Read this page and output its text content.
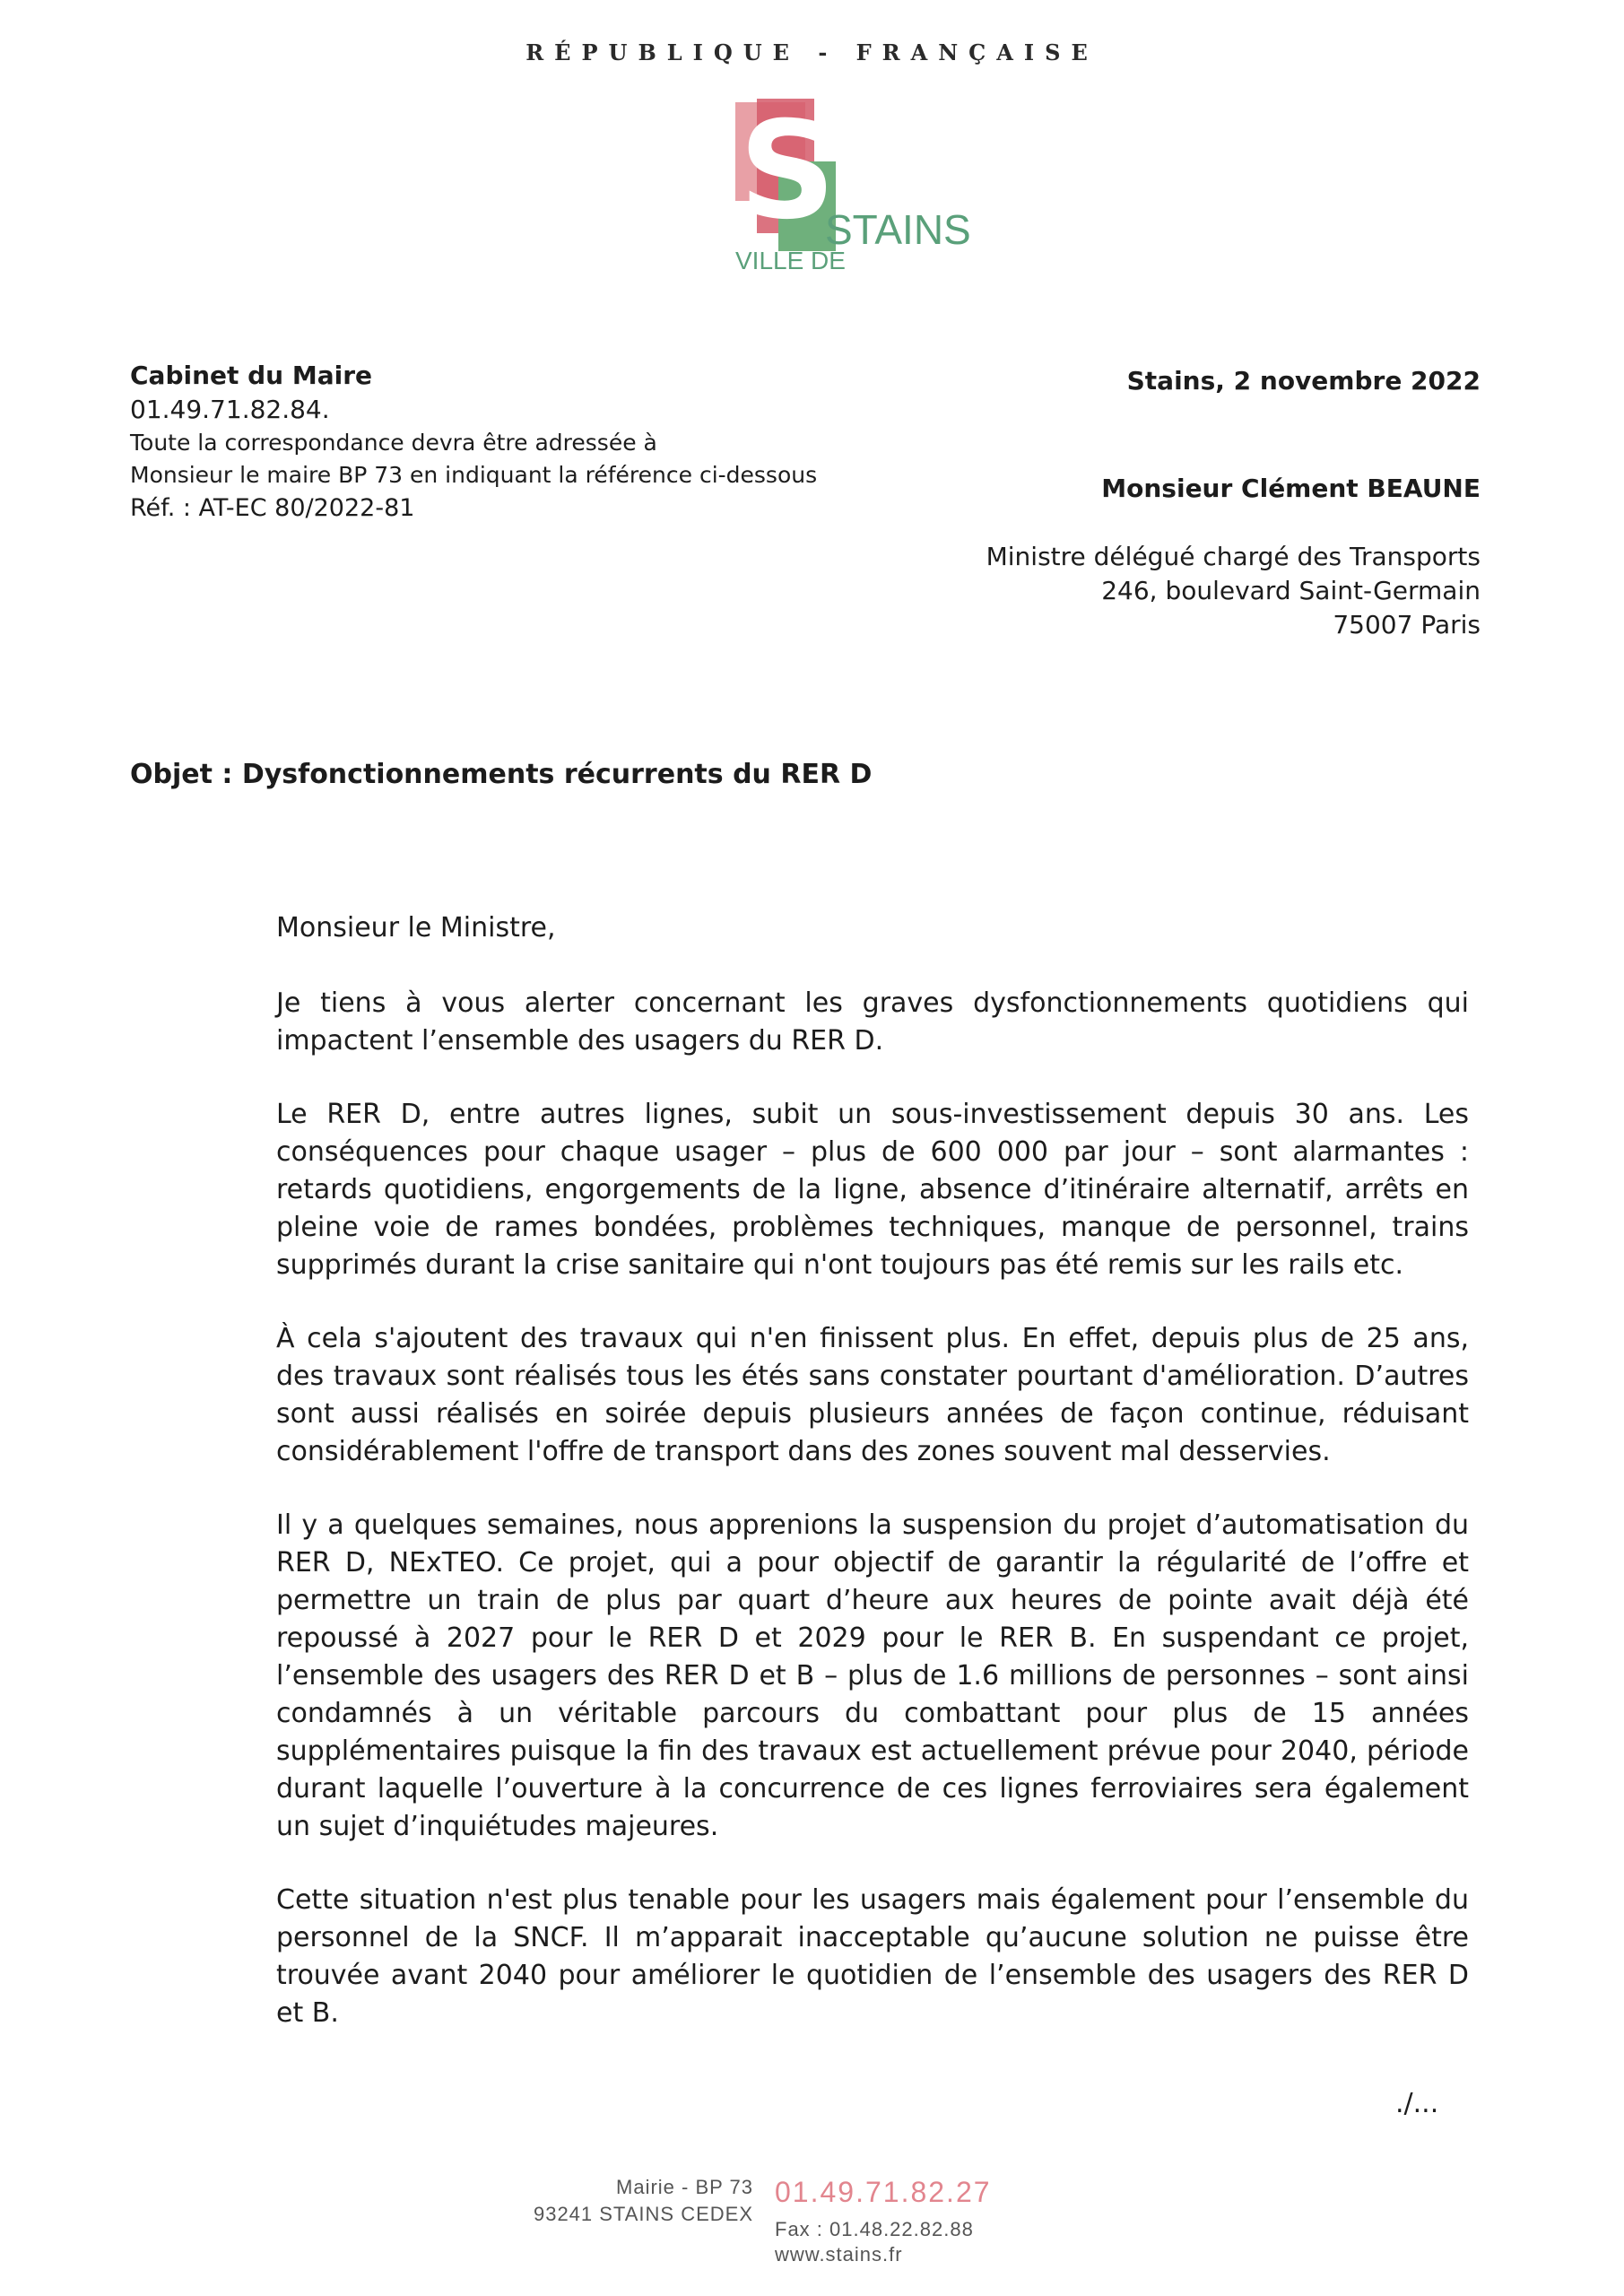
RÉPUBLIQUE - FRANÇAISE
S
STAINS
VILLE DE
Cabinet du Maire
01.49.71.82.84.
Toute la correspondance devra être adressée à
Monsieur le maire BP 73 en indiquant la référence ci-dessous
Réf. : AT-EC 80/2022-81
Stains, 2 novembre 2022
Monsieur Clément BEAUNE
Ministre délégué chargé des Transports
246, boulevard Saint-Germain
75007 Paris
Objet : Dysfonctionnements récurrents du RER D

Monsieur le Ministre,

Je tiens à vous alerter concernant les graves dysfonctionnements quotidiens qui impactent l’ensemble des usagers du RER D.

Le RER D, entre autres lignes, subit un sous-investissement depuis 30 ans. Les conséquences pour chaque usager – plus de 600 000 par jour – sont alarmantes : retards quotidiens, engorgements de la ligne, absence d’itinéraire alternatif, arrêts en pleine voie de rames bondées, problèmes techniques, manque de personnel, trains supprimés durant la crise sanitaire qui n'ont toujours pas été remis sur les rails etc.

À cela s'ajoutent des travaux qui n'en finissent plus. En effet, depuis plus de 25 ans, des travaux sont réalisés tous les étés sans constater pourtant d'amélioration. D’autres sont aussi réalisés en soirée depuis plusieurs années de façon continue, réduisant considérablement l'offre de transport dans des zones souvent mal desservies.

Il y a quelques semaines, nous apprenions la suspension du projet d’automatisation du RER D, NExTEO. Ce projet, qui a pour objectif de garantir la régularité de l’offre et permettre un train de plus par quart d’heure aux heures de pointe avait déjà été repoussé à 2027 pour le RER D et 2029 pour le RER B. En suspendant ce projet, l’ensemble des usagers des RER D et B – plus de 1.6 millions de personnes – sont ainsi condamnés à un véritable parcours du combattant pour plus de 15 années supplémentaires puisque la fin des travaux est actuellement prévue pour 2040, période durant laquelle l’ouverture à la concurrence de ces lignes ferroviaires sera également un sujet d’inquiétudes majeures.

Cette situation n'est plus tenable pour les usagers mais également pour l’ensemble du personnel de la SNCF. Il m’apparait inacceptable qu’aucune solution ne puisse être trouvée avant 2040 pour améliorer le quotidien de l’ensemble des usagers des RER D et B.

./...
Mairie - BP 73
93241 STAINS CEDEX
01.49.71.82.27
Fax : 01.48.22.82.88
www.stains.fr
